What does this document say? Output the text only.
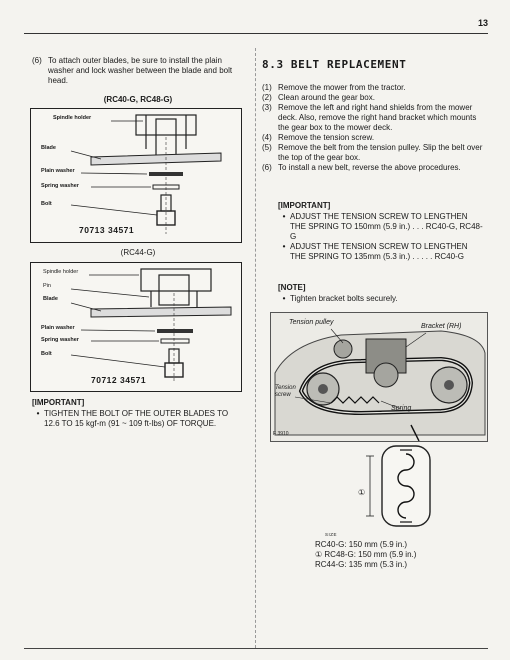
13
(6) To attach outer blades, be sure to install the plain washer and lock washer between the blade and bolt head.
(RC40-G, RC48-G)
Spindle holder
Blade
Plain washer
Spring washer
Bolt
70713 34571
(RC44-G)
Spindle holder
Pin
Blade
Plain washer
Spring washer
Bolt
70712 34571
[IMPORTANT]
• TIGHTEN THE BOLT OF THE OUTER BLADES TO 12.6 TO 15 kgf-m (91 ~ 109 ft-lbs) OF TORQUE.
8.3 BELT REPLACEMENT
(1) Remove the mower from the tractor.
(2) Clean around the gear box.
(3) Remove the left and right hand shields from the mower deck. Also, remove the right hand bracket which mounts the gear box to the mower deck.
(4) Remove the tension screw.
(5) Remove the belt from the tension pulley. Slip the belt over the top of the gear box.
(6) To install a new belt, reverse the above procedures.
[IMPORTANT]
• ADJUST THE TENSION SCREW TO LENGTHEN THE SPRING TO 150mm (5.9 in.) . . . RC40-G, RC48-G
• ADJUST THE TENSION SCREW TO LENGTHEN THE SPRING TO 135mm (5.3 in.) . . . . . RC40-G
[NOTE]
• Tighten bracket bolts securely.
Tension pulley
Bracket (RH)
Tension
screw
Spring
F 3910
①
SIZE
RC40-G: 150 mm (5.9 in.)
① RC48-G: 150 mm (5.9 in.)
RC44-G: 135 mm (5.3 in.)
